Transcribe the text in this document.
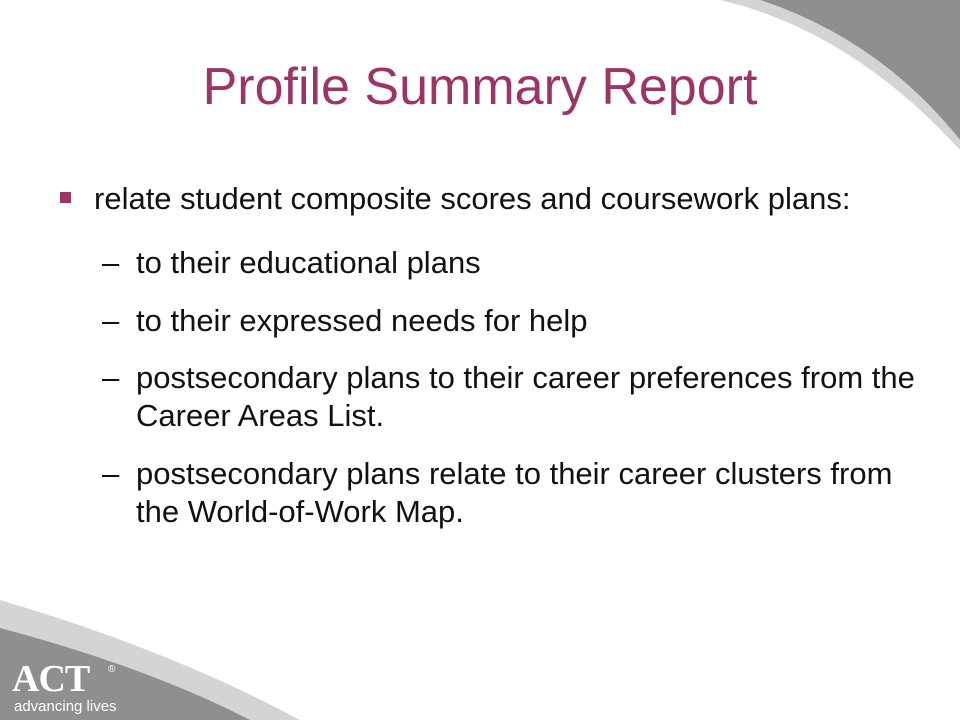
Profile Summary Report
relate student composite scores and coursework plans:
– to their educational plans
– to their expressed needs for help
– postsecondary plans to their career preferences from the Career Areas List.
– postsecondary plans relate to their career clusters from the World-of-Work Map.
ACT ®
advancing lives
